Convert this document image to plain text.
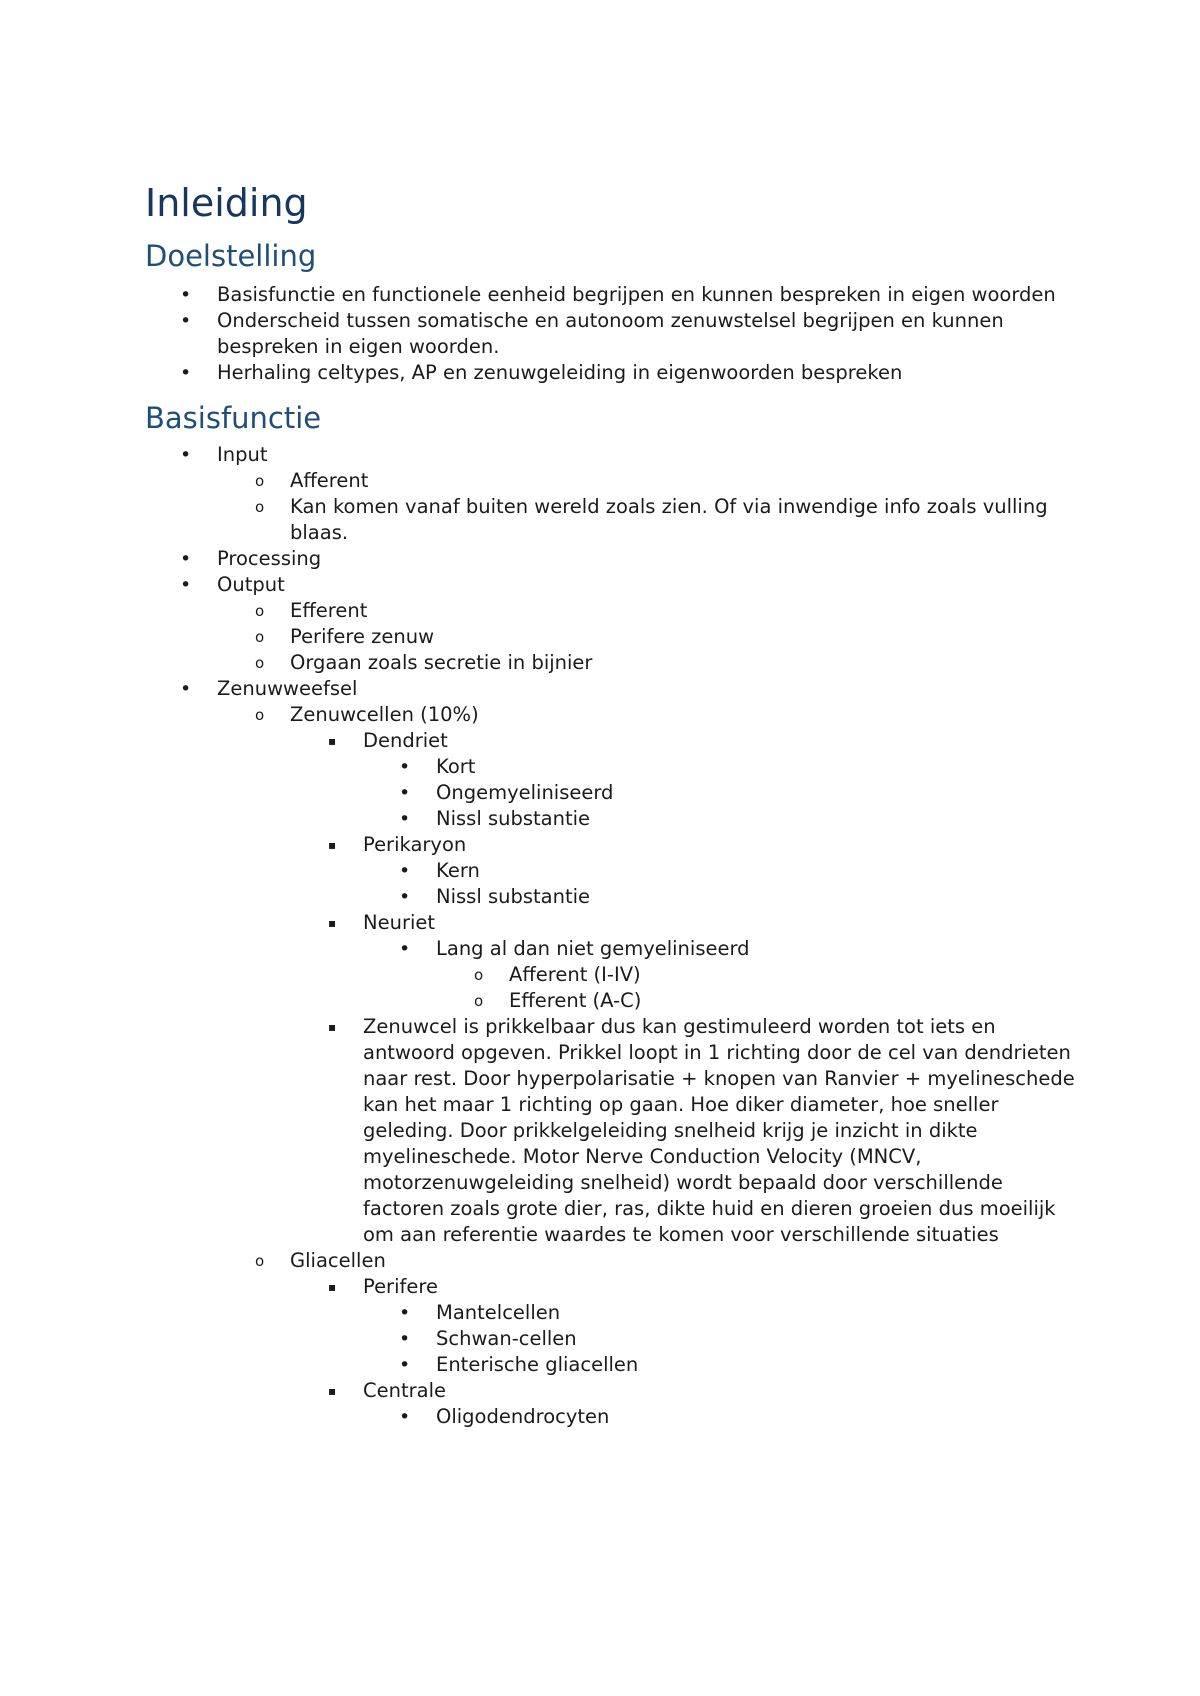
Inleiding
Doelstelling
• Basisfunctie en functionele eenheid begrijpen en kunnen bespreken in eigen woorden
• Onderscheid tussen somatische en autonoom zenuwstelsel begrijpen en kunnen bespreken in eigen woorden.
• Herhaling celtypes, AP en zenuwgeleiding in eigenwoorden bespreken
Basisfunctie
• Input
o Afferent
o Kan komen vanaf buiten wereld zoals zien. Of via inwendige info zoals vulling blaas.
• Processing
• Output
o Efferent
o Perifere zenuw
o Orgaan zoals secretie in bijnier
• Zenuwweefsel
o Zenuwcellen (10%)
▪ Dendriet
• Kort
• Ongemyeliniseerd
• Nissl substantie
▪ Perikaryon
• Kern
• Nissl substantie
▪ Neuriet
• Lang al dan niet gemyeliniseerd
o Afferent (I-IV)
o Efferent (A-C)
▪ Zenuwcel is prikkelbaar dus kan gestimuleerd worden tot iets en antwoord opgeven. Prikkel loopt in 1 richting door de cel van dendrieten naar rest. Door hyperpolarisatie + knopen van Ranvier + myelineschede kan het maar 1 richting op gaan. Hoe diker diameter, hoe sneller geleding. Door prikkelgeleiding snelheid krijg je inzicht in dikte myelineschede. Motor Nerve Conduction Velocity (MNCV, motorzenuwgeleiding snelheid) wordt bepaald door verschillende factoren zoals grote dier, ras, dikte huid en dieren groeien dus moeilijk om aan referentie waardes te komen voor verschillende situaties
o Gliacellen
▪ Perifere
• Mantelcellen
• Schwan-cellen
• Enterische gliacellen
▪ Centrale
• Oligodendrocyten
